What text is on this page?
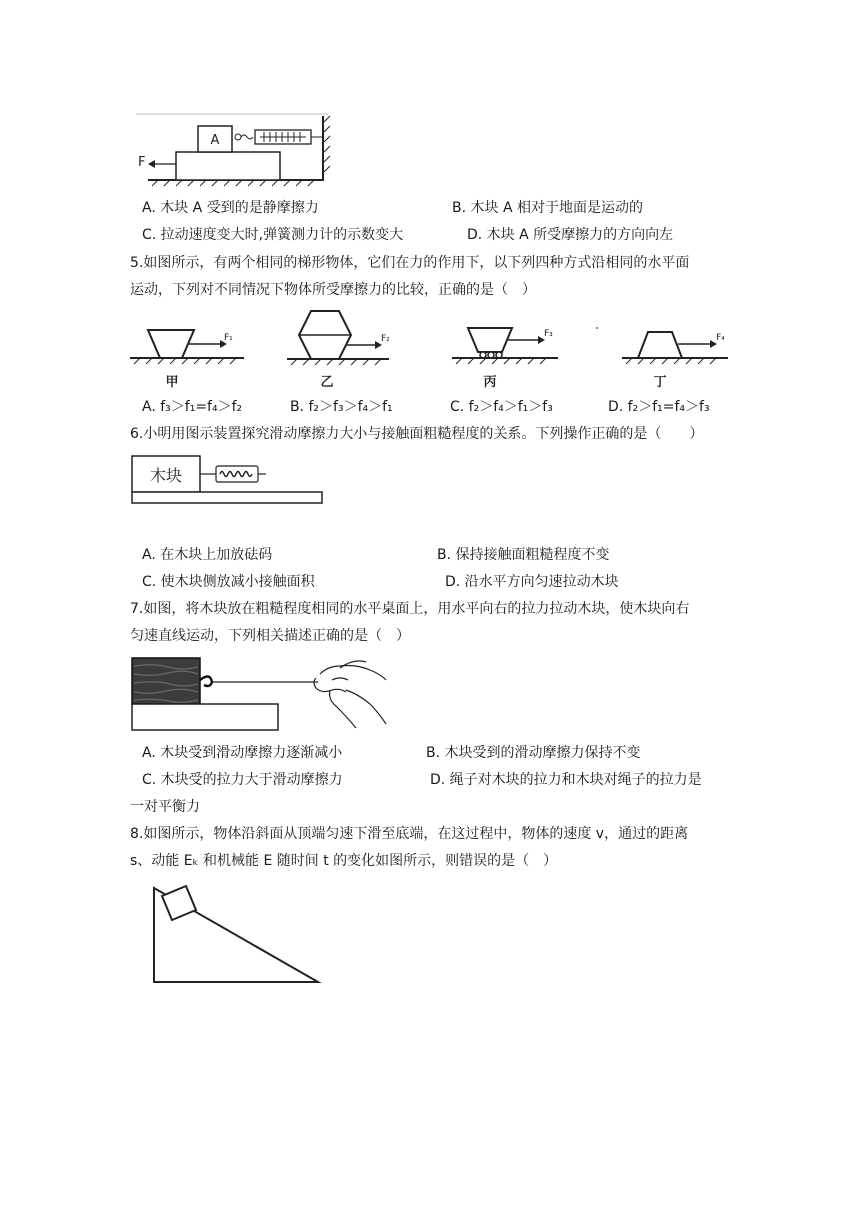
A
F
A. 木块 A 受到的是静摩擦力	B. 木块 A 相对于地面是运动的
C. 拉动速度变大时,弹簧测力计的示数变大	D. 木块 A 所受摩擦力的方向向左
5.如图所示，有两个相同的梯形物体，它们在力的作用下，以下列四种方式沿相同的水平面
运动，下列对不同情况下物体所受摩擦力的比较，正确的是（　）
F₁
甲
F₂
乙
F₃
丙
F₄
丁
A. f₃＞f₁=f₄＞f₂	B. f₂＞f₃＞f₄＞f₁	C. f₂＞f₄＞f₁＞f₃	D. f₂＞f₁=f₄＞f₃
6.小明用图示装置探究滑动摩擦力大小与接触面粗糙程度的关系。下列操作正确的是（　　）
木块
A. 在木块上加放砝码	B. 保持接触面粗糙程度不变
C. 使木块侧放减小接触面积	D. 沿水平方向匀速拉动木块
7.如图，将木块放在粗糙程度相同的水平桌面上，用水平向右的拉力拉动木块，使木块向右
匀速直线运动，下列相关描述正确的是（　）
A. 木块受到滑动摩擦力逐渐减小	B. 木块受到的滑动摩擦力保持不变
C. 木块受的拉力大于滑动摩擦力	D. 绳子对木块的拉力和木块对绳子的拉力是
一对平衡力
8.如图所示，物体沿斜面从顶端匀速下滑至底端，在这过程中，物体的速度 v，通过的距离
s、动能 Eₖ 和机械能 E 随时间 t 的变化如图所示，则错误的是（　）
